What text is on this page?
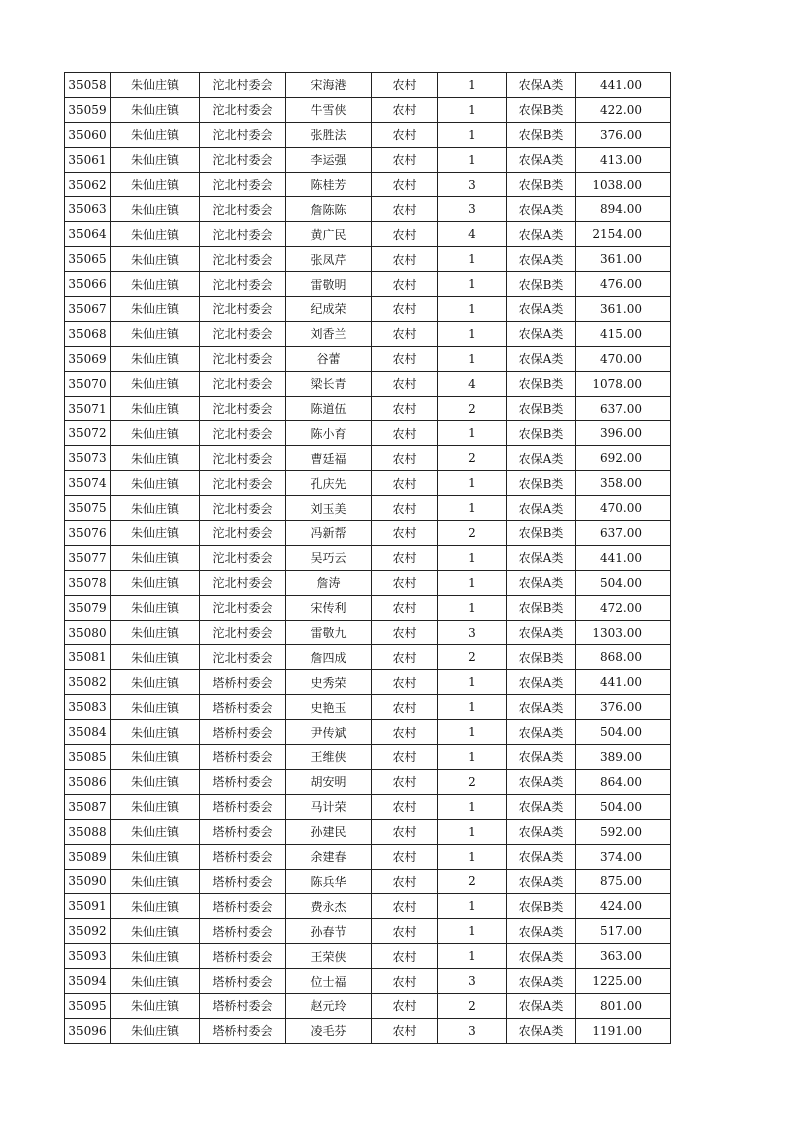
35058	朱仙庄镇	沱北村委会	宋海港	农村	1	农保A类	441.00
35059	朱仙庄镇	沱北村委会	牛雪侠	农村	1	农保B类	422.00
35060	朱仙庄镇	沱北村委会	张胜法	农村	1	农保B类	376.00
35061	朱仙庄镇	沱北村委会	李运强	农村	1	农保A类	413.00
35062	朱仙庄镇	沱北村委会	陈桂芳	农村	3	农保B类	1038.00
35063	朱仙庄镇	沱北村委会	詹陈陈	农村	3	农保A类	894.00
35064	朱仙庄镇	沱北村委会	黄广民	农村	4	农保A类	2154.00
35065	朱仙庄镇	沱北村委会	张凤芹	农村	1	农保A类	361.00
35066	朱仙庄镇	沱北村委会	雷敬明	农村	1	农保B类	476.00
35067	朱仙庄镇	沱北村委会	纪成荣	农村	1	农保A类	361.00
35068	朱仙庄镇	沱北村委会	刘香兰	农村	1	农保A类	415.00
35069	朱仙庄镇	沱北村委会	谷蕾	农村	1	农保A类	470.00
35070	朱仙庄镇	沱北村委会	梁长青	农村	4	农保B类	1078.00
35071	朱仙庄镇	沱北村委会	陈道伍	农村	2	农保B类	637.00
35072	朱仙庄镇	沱北村委会	陈小育	农村	1	农保B类	396.00
35073	朱仙庄镇	沱北村委会	曹廷福	农村	2	农保A类	692.00
35074	朱仙庄镇	沱北村委会	孔庆先	农村	1	农保B类	358.00
35075	朱仙庄镇	沱北村委会	刘玉美	农村	1	农保A类	470.00
35076	朱仙庄镇	沱北村委会	冯新帮	农村	2	农保B类	637.00
35077	朱仙庄镇	沱北村委会	吴巧云	农村	1	农保A类	441.00
35078	朱仙庄镇	沱北村委会	詹涛	农村	1	农保A类	504.00
35079	朱仙庄镇	沱北村委会	宋传利	农村	1	农保B类	472.00
35080	朱仙庄镇	沱北村委会	雷敬九	农村	3	农保A类	1303.00
35081	朱仙庄镇	沱北村委会	詹四成	农村	2	农保B类	868.00
35082	朱仙庄镇	塔桥村委会	史秀荣	农村	1	农保A类	441.00
35083	朱仙庄镇	塔桥村委会	史艳玉	农村	1	农保A类	376.00
35084	朱仙庄镇	塔桥村委会	尹传斌	农村	1	农保A类	504.00
35085	朱仙庄镇	塔桥村委会	王维侠	农村	1	农保A类	389.00
35086	朱仙庄镇	塔桥村委会	胡安明	农村	2	农保A类	864.00
35087	朱仙庄镇	塔桥村委会	马计荣	农村	1	农保A类	504.00
35088	朱仙庄镇	塔桥村委会	孙建民	农村	1	农保A类	592.00
35089	朱仙庄镇	塔桥村委会	余建春	农村	1	农保A类	374.00
35090	朱仙庄镇	塔桥村委会	陈兵华	农村	2	农保A类	875.00
35091	朱仙庄镇	塔桥村委会	费永杰	农村	1	农保B类	424.00
35092	朱仙庄镇	塔桥村委会	孙春节	农村	1	农保A类	517.00
35093	朱仙庄镇	塔桥村委会	王荣侠	农村	1	农保A类	363.00
35094	朱仙庄镇	塔桥村委会	位士福	农村	3	农保A类	1225.00
35095	朱仙庄镇	塔桥村委会	赵元玲	农村	2	农保A类	801.00
35096	朱仙庄镇	塔桥村委会	凌毛芬	农村	3	农保A类	1191.00
